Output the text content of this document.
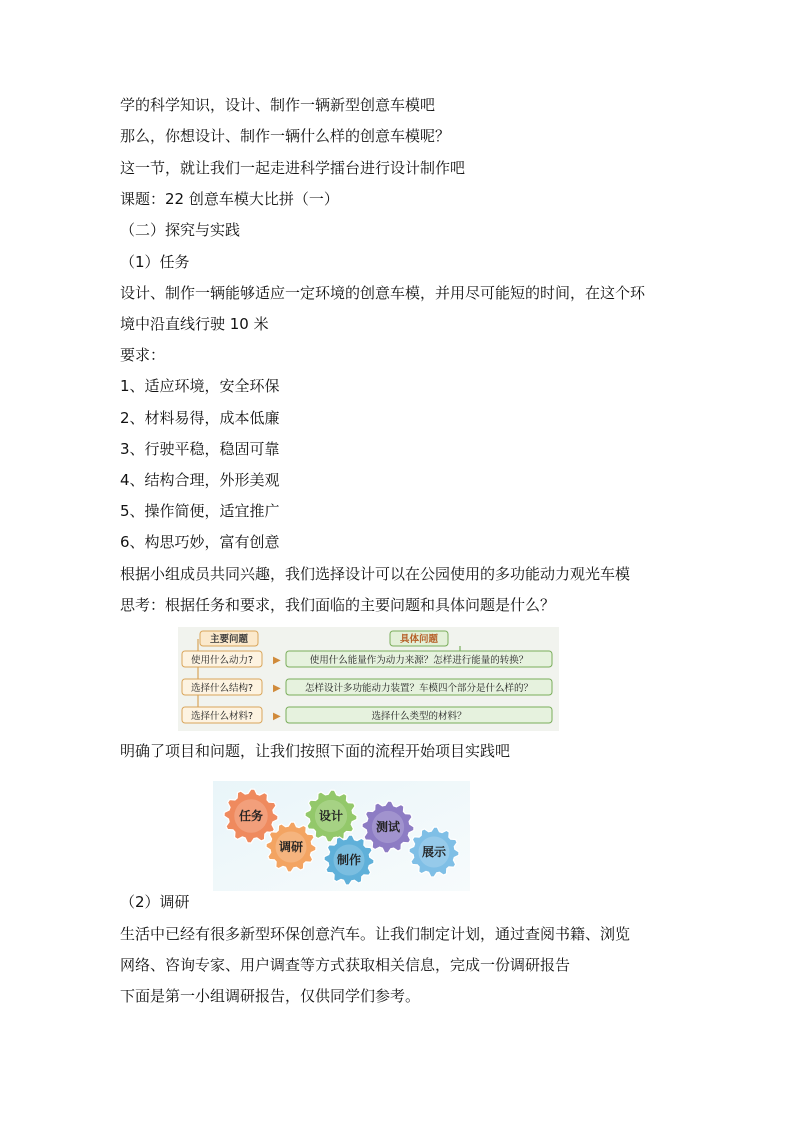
学的科学知识，设计、制作一辆新型创意车模吧
那么，你想设计、制作一辆什么样的创意车模呢？
这一节，就让我们一起走进科学擂台进行设计制作吧
课题：22 创意车模大比拼（一）
（二）探究与实践
（1）任务
设计、制作一辆能够适应一定环境的创意车模，并用尽可能短的时间，在这个环
境中沿直线行驶 10 米
要求：
1、适应环境，安全环保
2、材料易得，成本低廉
3、行驶平稳，稳固可靠
4、结构合理，外形美观
5、操作简便，适宜推广
6、构思巧妙，富有创意
根据小组成员共同兴趣，我们选择设计可以在公园使用的多功能动力观光车模
思考：根据任务和要求，我们面临的主要问题和具体问题是什么？
主要问题	具体问题
使用什么动力? ▶	使用什么能量作为动力来源？怎样进行能量的转换？
选择什么结构? ▶	怎样设计多功能动力装置？车模四个部分是什么样的？
选择什么材料? ▶	选择什么类型的材料？
明确了项目和问题，让我们按照下面的流程开始项目实践吧
任务
调研
设计
制作
测试
展示
（2）调研
生活中已经有很多新型环保创意汽车。让我们制定计划，通过查阅书籍、浏览
网络、咨询专家、用户调查等方式获取相关信息，完成一份调研报告
下面是第一小组调研报告，仅供同学们参考。
